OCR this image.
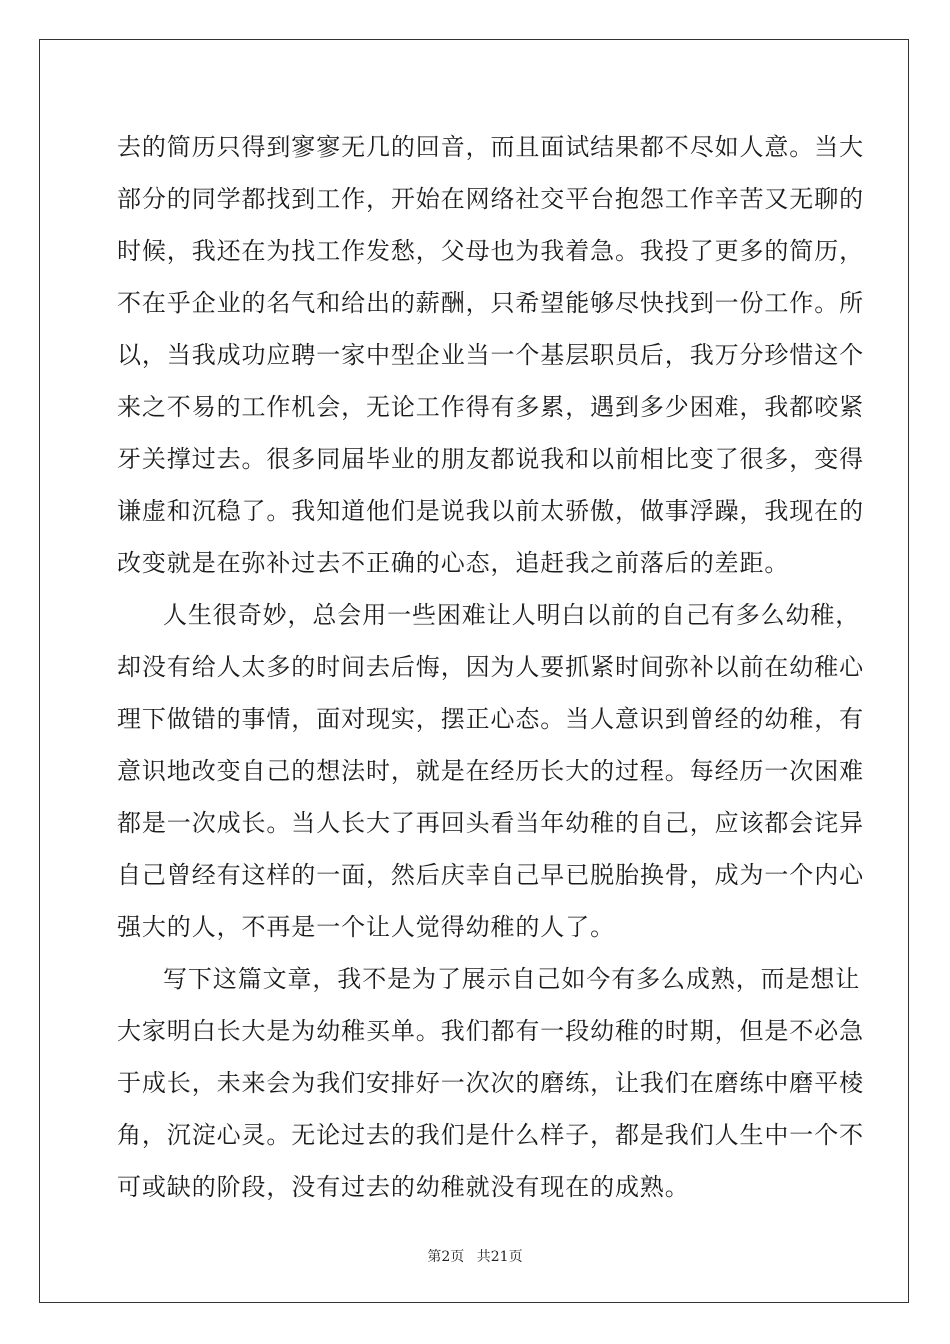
去的简历只得到寥寥无几的回音，而且面试结果都不尽如人意。当大
部分的同学都找到工作，开始在网络社交平台抱怨工作辛苦又无聊的
时候，我还在为找工作发愁，父母也为我着急。我投了更多的简历，
不在乎企业的名气和给出的薪酬，只希望能够尽快找到一份工作。所
以，当我成功应聘一家中型企业当一个基层职员后，我万分珍惜这个
来之不易的工作机会，无论工作得有多累，遇到多少困难，我都咬紧
牙关撑过去。很多同届毕业的朋友都说我和以前相比变了很多，变得
谦虚和沉稳了。我知道他们是说我以前太骄傲，做事浮躁，我现在的
改变就是在弥补过去不正确的心态，追赶我之前落后的差距。
人生很奇妙，总会用一些困难让人明白以前的自己有多么幼稚，
却没有给人太多的时间去后悔，因为人要抓紧时间弥补以前在幼稚心
理下做错的事情，面对现实，摆正心态。当人意识到曾经的幼稚，有
意识地改变自己的想法时，就是在经历长大的过程。每经历一次困难
都是一次成长。当人长大了再回头看当年幼稚的自己，应该都会诧异
自己曾经有这样的一面，然后庆幸自己早已脱胎换骨，成为一个内心
强大的人，不再是一个让人觉得幼稚的人了。
写下这篇文章，我不是为了展示自己如今有多么成熟，而是想让
大家明白长大是为幼稚买单。我们都有一段幼稚的时期，但是不必急
于成长，未来会为我们安排好一次次的磨练，让我们在磨练中磨平棱
角，沉淀心灵。无论过去的我们是什么样子，都是我们人生中一个不
可或缺的阶段，没有过去的幼稚就没有现在的成熟。
第2页 共21页
